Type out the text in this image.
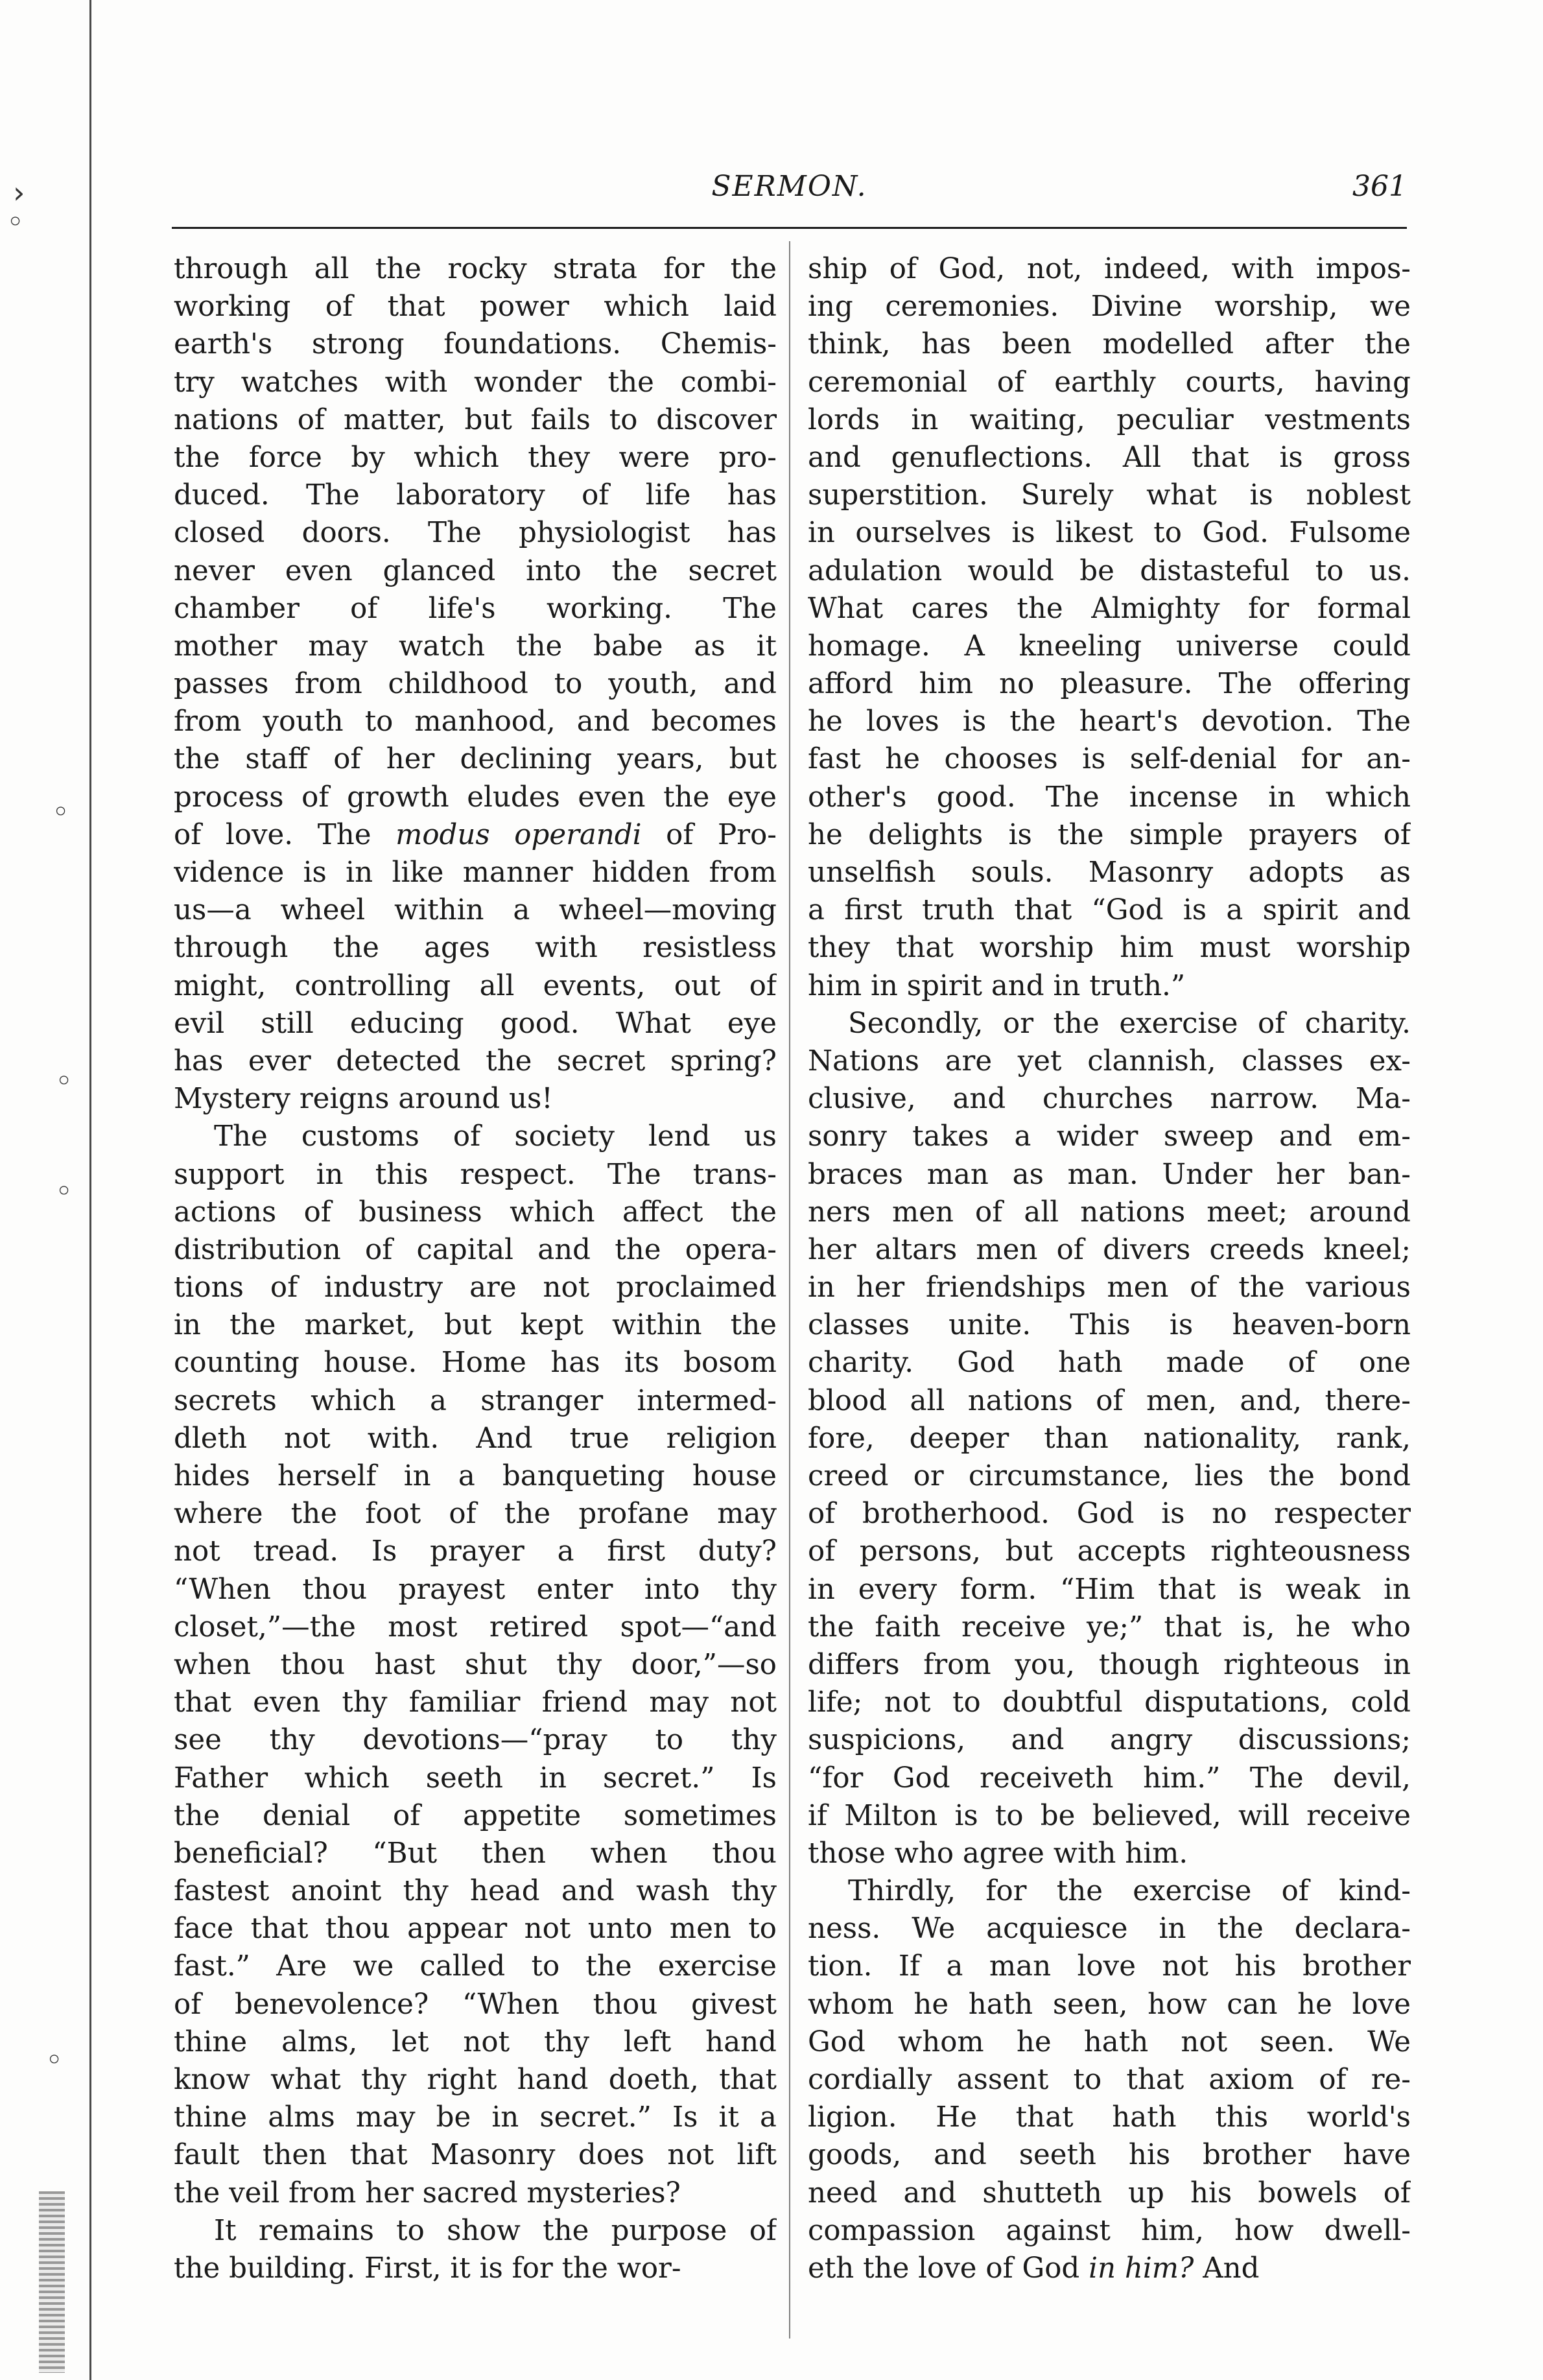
›
◦
◦
◦
◦
◦
SERMON.	361
through all the rocky strata for the
working of that power which laid
earth's strong foundations. Chemis-
try watches with wonder the combi-
nations of matter, but fails to discover
the force by which they were pro-
duced. The laboratory of life has
closed doors. The physiologist has
never even glanced into the secret
chamber of life's working. The
mother may watch the babe as it
passes from childhood to youth, and
from youth to manhood, and becomes
the staff of her declining years, but
process of growth eludes even the eye
of love. The modus operandi of Pro-
vidence is in like manner hidden from
us—a wheel within a wheel—moving
through the ages with resistless
might, controlling all events, out of
evil still educing good. What eye
has ever detected the secret spring?
Mystery reigns around us!
The customs of society lend us
support in this respect. The trans-
actions of business which affect the
distribution of capital and the opera-
tions of industry are not proclaimed
in the market, but kept within the
counting house. Home has its bosom
secrets which a stranger intermed-
dleth not with. And true religion
hides herself in a banqueting house
where the foot of the profane may
not tread. Is prayer a first duty?
“When thou prayest enter into thy
closet,”—the most retired spot—“and
when thou hast shut thy door,”—so
that even thy familiar friend may not
see thy devotions—“pray to thy
Father which seeth in secret.” Is
the denial of appetite sometimes
beneficial? “But then when thou
fastest anoint thy head and wash thy
face that thou appear not unto men to
fast.” Are we called to the exercise
of benevolence? “When thou givest
thine alms, let not thy left hand
know what thy right hand doeth, that
thine alms may be in secret.” Is it a
fault then that Masonry does not lift
the veil from her sacred mysteries?
It remains to show the purpose of
the building. First, it is for the wor-
ship of God, not, indeed, with impos-
ing ceremonies. Divine worship, we
think, has been modelled after the
ceremonial of earthly courts, having
lords in waiting, peculiar vestments
and genuflections. All that is gross
superstition. Surely what is noblest
in ourselves is likest to God. Fulsome
adulation would be distasteful to us.
What cares the Almighty for formal
homage. A kneeling universe could
afford him no pleasure. The offering
he loves is the heart's devotion. The
fast he chooses is self-denial for an-
other's good. The incense in which
he delights is the simple prayers of
unselfish souls. Masonry adopts as
a first truth that “God is a spirit and
they that worship him must worship
him in spirit and in truth.”
Secondly, or the exercise of charity.
Nations are yet clannish, classes ex-
clusive, and churches narrow. Ma-
sonry takes a wider sweep and em-
braces man as man. Under her ban-
ners men of all nations meet; around
her altars men of divers creeds kneel;
in her friendships men of the various
classes unite. This is heaven-born
charity. God hath made of one
blood all nations of men, and, there-
fore, deeper than nationality, rank,
creed or circumstance, lies the bond
of brotherhood. God is no respecter
of persons, but accepts righteousness
in every form. “Him that is weak in
the faith receive ye;” that is, he who
differs from you, though righteous in
life; not to doubtful disputations, cold
suspicions, and angry discussions;
“for God receiveth him.” The devil,
if Milton is to be believed, will receive
those who agree with him.
Thirdly, for the exercise of kind-
ness. We acquiesce in the declara-
tion. If a man love not his brother
whom he hath seen, how can he love
God whom he hath not seen. We
cordially assent to that axiom of re-
ligion. He that hath this world's
goods, and seeth his brother have
need and shutteth up his bowels of
compassion against him, how dwell-
eth the love of God in him? And
